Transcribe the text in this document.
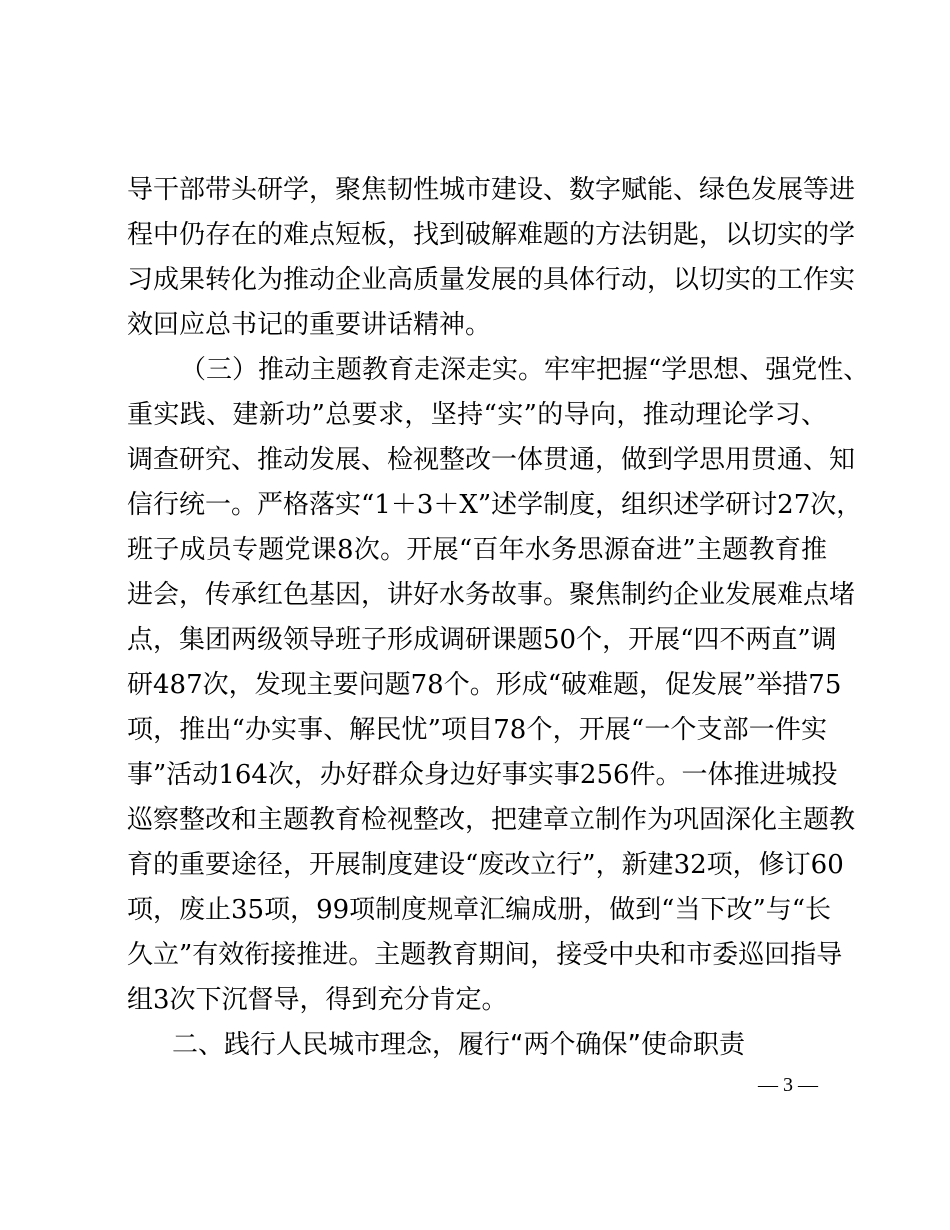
导干部带头研学，聚焦韧性城市建设、数字赋能、绿色发展等进
程中仍存在的难点短板，找到破解难题的方法钥匙，以切实的学
习成果转化为推动企业高质量发展的具体行动，以切实的工作实
效回应总书记的重要讲话精神。
（三）推动主题教育走深走实。牢牢把握“学思想、强党性、
重实践、建新功”总要求，坚持“实”的导向，推动理论学习、
调查研究、推动发展、检视整改一体贯通，做到学思用贯通、知
信行统一。严格落实“1＋3＋X”述学制度，组织述学研讨27次，
班子成员专题党课8次。开展“百年水务思源奋进”主题教育推
进会，传承红色基因，讲好水务故事。聚焦制约企业发展难点堵
点，集团两级领导班子形成调研课题50个，开展“四不两直”调
研487次，发现主要问题78个。形成“破难题，促发展”举措75
项，推出“办实事、解民忧”项目78个，开展“一个支部一件实
事”活动164次，办好群众身边好事实事256件。一体推进城投
巡察整改和主题教育检视整改，把建章立制作为巩固深化主题教
育的重要途径，开展制度建设“废改立行”，新建32项，修订60
项，废止35项，99项制度规章汇编成册，做到“当下改”与“长
久立”有效衔接推进。主题教育期间，接受中央和市委巡回指导
组3次下沉督导，得到充分肯定。
二、践行人民城市理念，履行“两个确保”使命职责
— 3 —
